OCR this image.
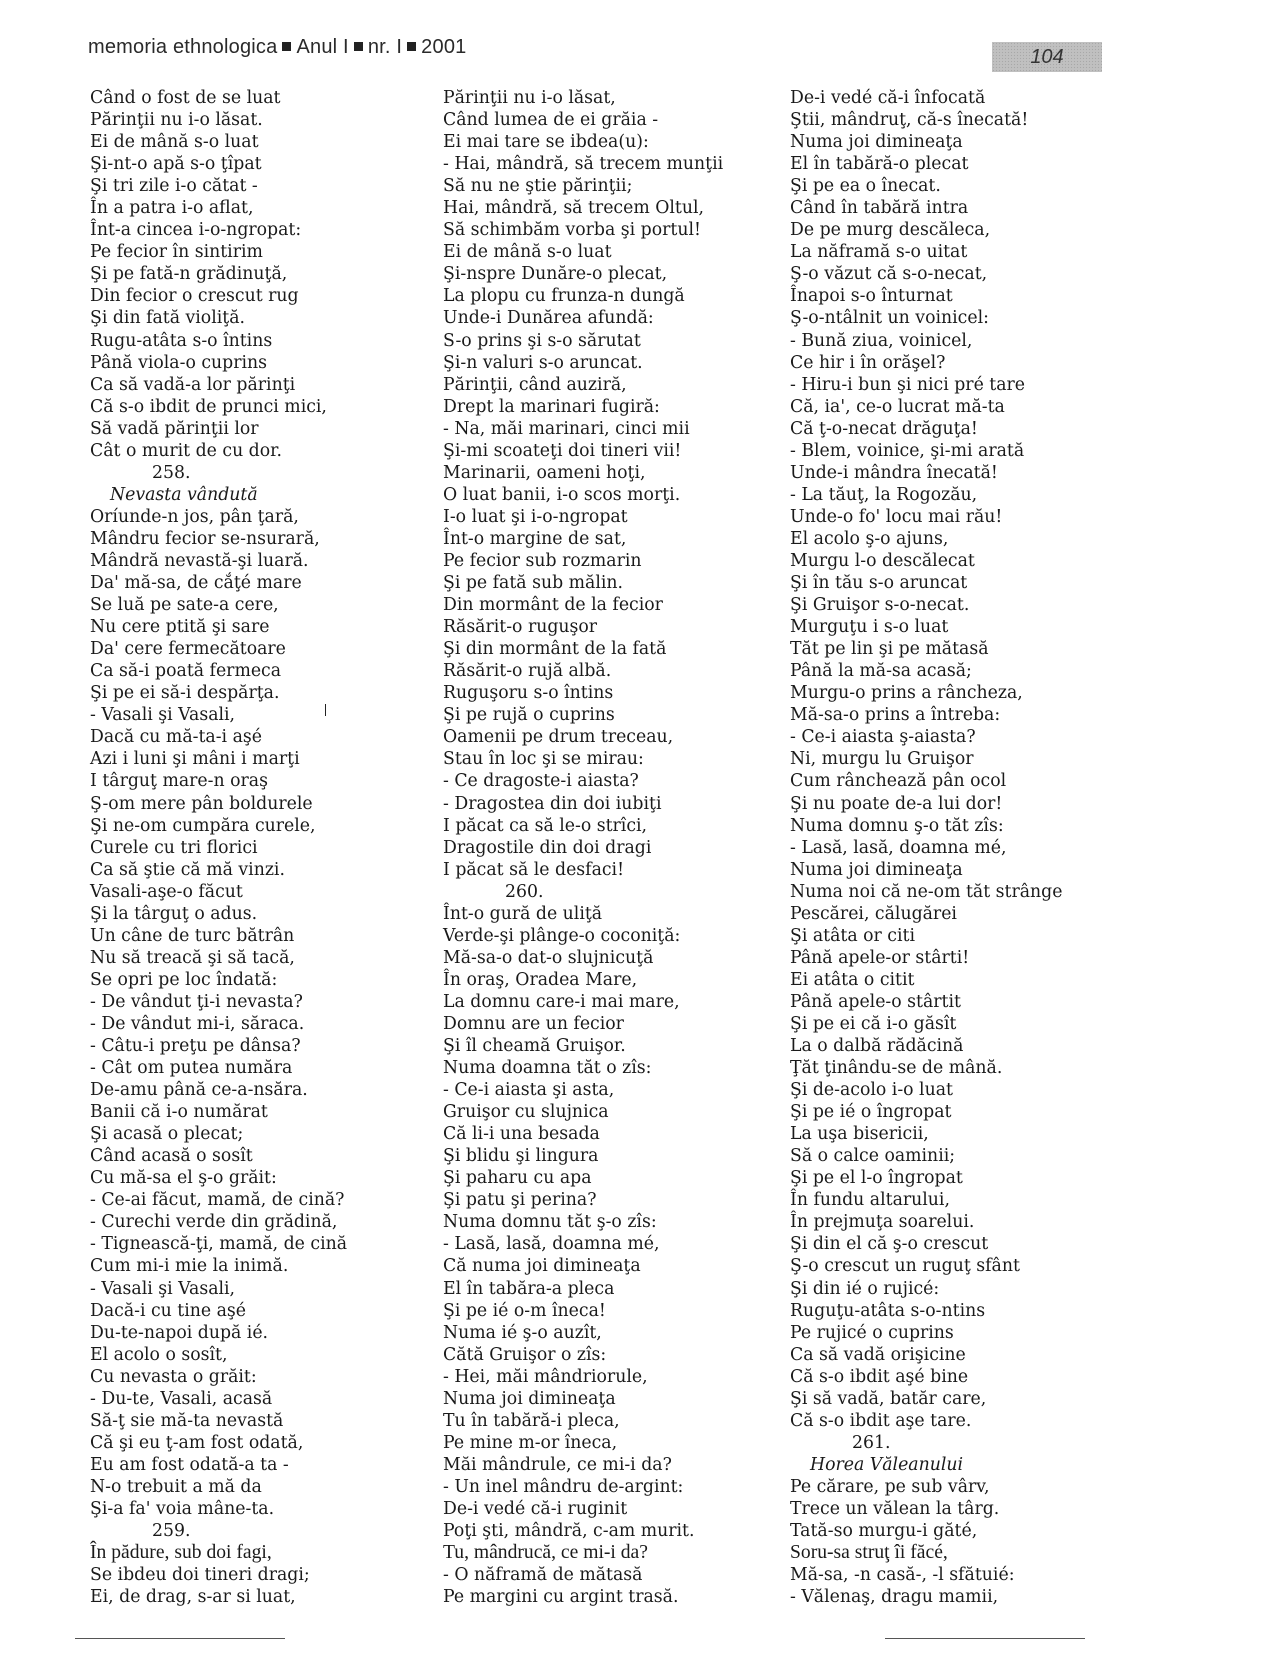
memoria ethnologica Anul I nr. I 2001	104
Când o fost de se luat
Părinţii nu i-o lăsat.
Ei de mână s-o luat
Şi-nt-o apă s-o ţîpat
Şi tri zile i-o cătat -
În a patra i-o aflat,
Înt-a cincea i-o-ngropat:
Pe fecior în sintirim
Şi pe fată-n grădinuţă,
Din fecior o crescut rug
Şi din fată violiţă.
Rugu-atâta s-o întins
Până viola-o cuprins
Ca să vadă-a lor părinţi
Că s-o ibdit de prunci mici,
Să vadă părinţii lor
Cât o murit de cu dor.
258.
Nevasta vândută
Oríunde-n jos, pân ţară,
Mândru fecior se-nsurară,
Mândră nevastă-şi luară.
Da' mă-sa, de cắţé mare
Se luă pe sate-a cere,
Nu cere ptită şi sare
Da' cere fermecătoare
Ca să-i poată fermeca
Şi pe ei să-i despărţa.
- Vasali şi Vasali,
Dacă cu mă-ta-i aşé
Azi i luni şi mâni i marţi
I târguţ mare-n oraş
Ş-om mere pân boldurele
Şi ne-om cumpăra curele,
Curele cu tri florici
Ca să ştie că mă vinzi.
Vasali-aşe-o făcut
Şi la târguţ o adus.
Un câne de turc bătrân
Nu să treacă şi să tacă,
Se opri pe loc îndată:
- De vândut ţi-i nevasta?
- De vândut mi-i, săraca.
- Câtu-i preţu pe dânsa?
- Cât om putea număra
De-amu până ce-a-nsăra.
Banii că i-o numărat
Şi acasă o plecat;
Când acasă o sosît
Cu mă-sa el ş-o grăit:
- Ce-ai făcut, mamă, de cină?
- Curechi verde din grădină,
- Tignească-ţi, mamă, de cină
Cum mi-i mie la inimă.
- Vasali şi Vasali,
Dacă-i cu tine aşé
Du-te-napoi după ié.
El acolo o sosît,
Cu nevasta o grăit:
- Du-te, Vasali, acasă
Să-ţ sie mă-ta nevastă
Că şi eu ţ-am fost odată,
Eu am fost odată-a ta -
N-o trebuit a mă da
Şi-a fa' voia mâne-ta.
259.
În pădure, sub doi fagi,
Se ibdeu doi tineri dragi;
Ei, de drag, s-ar si luat,
Părinţii nu i-o lăsat,
Când lumea de ei grăia -
Ei mai tare se ibdea(u):
- Hai, mândră, să trecem munţii
Să nu ne ştie părinţii;
Hai, mândră, să trecem Oltul,
Să schimbăm vorba şi portul!
Ei de mână s-o luat
Şi-nspre Dunăre-o plecat,
La plopu cu frunza-n dungă
Unde-i Dunărea afundă:
S-o prins şi s-o sărutat
Şi-n valuri s-o aruncat.
Părinţii, când auziră,
Drept la marinari fugiră:
- Na, măi marinari, cinci mii
Şi-mi scoateţi doi tineri vii!
Marinarii, oameni hoţi,
O luat banii, i-o scos morţi.
I-o luat şi i-o-ngropat
Înt-o margine de sat,
Pe fecior sub rozmarin
Şi pe fată sub mălin.
Din mormânt de la fecior
Răsărit-o ruguşor
Şi din mormânt de la fată
Răsărit-o rujă albă.
Ruguşoru s-o întins
Şi pe rujă o cuprins
Oamenii pe drum treceau,
Stau în loc şi se mirau:
- Ce dragoste-i aiasta?
- Dragostea din doi iubiţi
I păcat ca să le-o strîci,
Dragostile din doi dragi
I păcat să le desfaci!
260.
Înt-o gură de uliţă
Verde-şi plânge-o coconiţă:
Mă-sa-o dat-o slujnicuţă
În oraş, Oradea Mare,
La domnu care-i mai mare,
Domnu are un fecior
Şi îl cheamă Gruişor.
Numa doamna tăt o zîs:
- Ce-i aiasta şi asta,
Gruişor cu slujnica
Că li-i una besada
Şi blidu şi lingura
Şi paharu cu apa
Şi patu şi perina?
Numa domnu tăt ş-o zîs:
- Lasă, lasă, doamna mé,
Că numa joi dimineaţa
El în tabăra-a pleca
Şi pe ié o-m îneca!
Numa ié ş-o auzît,
Cătă Gruişor o zîs:
- Hei, măi mândriorule,
Numa joi dimineaţa
Tu în tabără-i pleca,
Pe mine m-or îneca,
Măi mândrule, ce mi-i da?
- Un inel mândru de-argint:
De-i vedé că-i ruginit
Poţi şti, mândră, c-am murit.
Tu, mândrucă, ce mi-i da?
- O năframă de mătasă
Pe margini cu argint trasă.
De-i vedé că-i înfocată
Ştii, mândruţ, că-s înecată!
Numa joi dimineaţa
El în tabără-o plecat
Şi pe ea o înecat.
Când în tabără intra
De pe murg descăleca,
La năframă s-o uitat
Ş-o văzut că s-o-necat,
Înapoi s-o înturnat
Ş-o-ntâlnit un voinicel:
- Bună ziua, voinicel,
Ce hir i în orăşel?
- Hiru-i bun şi nici pré tare
Că, ia', ce-o lucrat mă-ta
Că ţ-o-necat drăguţa!
- Blem, voinice, şi-mi arată
Unde-i mândra înecată!
- La tăuţ, la Rogozău,
Unde-o fo' locu mai rău!
El acolo ş-o ajuns,
Murgu l-o descălecat
Şi în tău s-o aruncat
Şi Gruişor s-o-necat.
Murguţu i s-o luat
Tăt pe lin şi pe mătasă
Până la mă-sa acasă;
Murgu-o prins a râncheza,
Mă-sa-o prins a întreba:
- Ce-i aiasta ş-aiasta?
Ni, murgu lu Gruişor
Cum rânchează pân ocol
Şi nu poate de-a lui dor!
Numa domnu ş-o tăt zîs:
- Lasă, lasă, doamna mé,
Numa joi dimineaţa
Numa noi că ne-om tăt strânge
Pescărei, călugărei
Şi atâta or citi
Până apele-or stârti!
Ei atâta o citit
Până apele-o stârtit
Şi pe ei că i-o găsît
La o dalbă rădăcină
Ţăt ţinându-se de mână.
Şi de-acolo i-o luat
Şi pe ié o îngropat
La uşa bisericii,
Să o calce oaminii;
Şi pe el l-o îngropat
În fundu altarului,
În prejmuţa soarelui.
Şi din el că ş-o crescut
Ş-o crescut un ruguţ sfânt
Şi din ié o rujicé:
Ruguţu-atâta s-o-ntins
Pe rujicé o cuprins
Ca să vadă orişicine
Că s-o ibdit aşé bine
Şi să vadă, batăr care,
Că s-o ibdit aşe tare.
261.
Horea Văleanului
Pe cărare, pe sub vârv,
Trece un vălean la târg.
Tată-so murgu-i găté,
Soru-sa struţ îi făcé,
Mă-sa, -n casă-, -l sfătuié:
- Vălenaş, dragu mamii,
